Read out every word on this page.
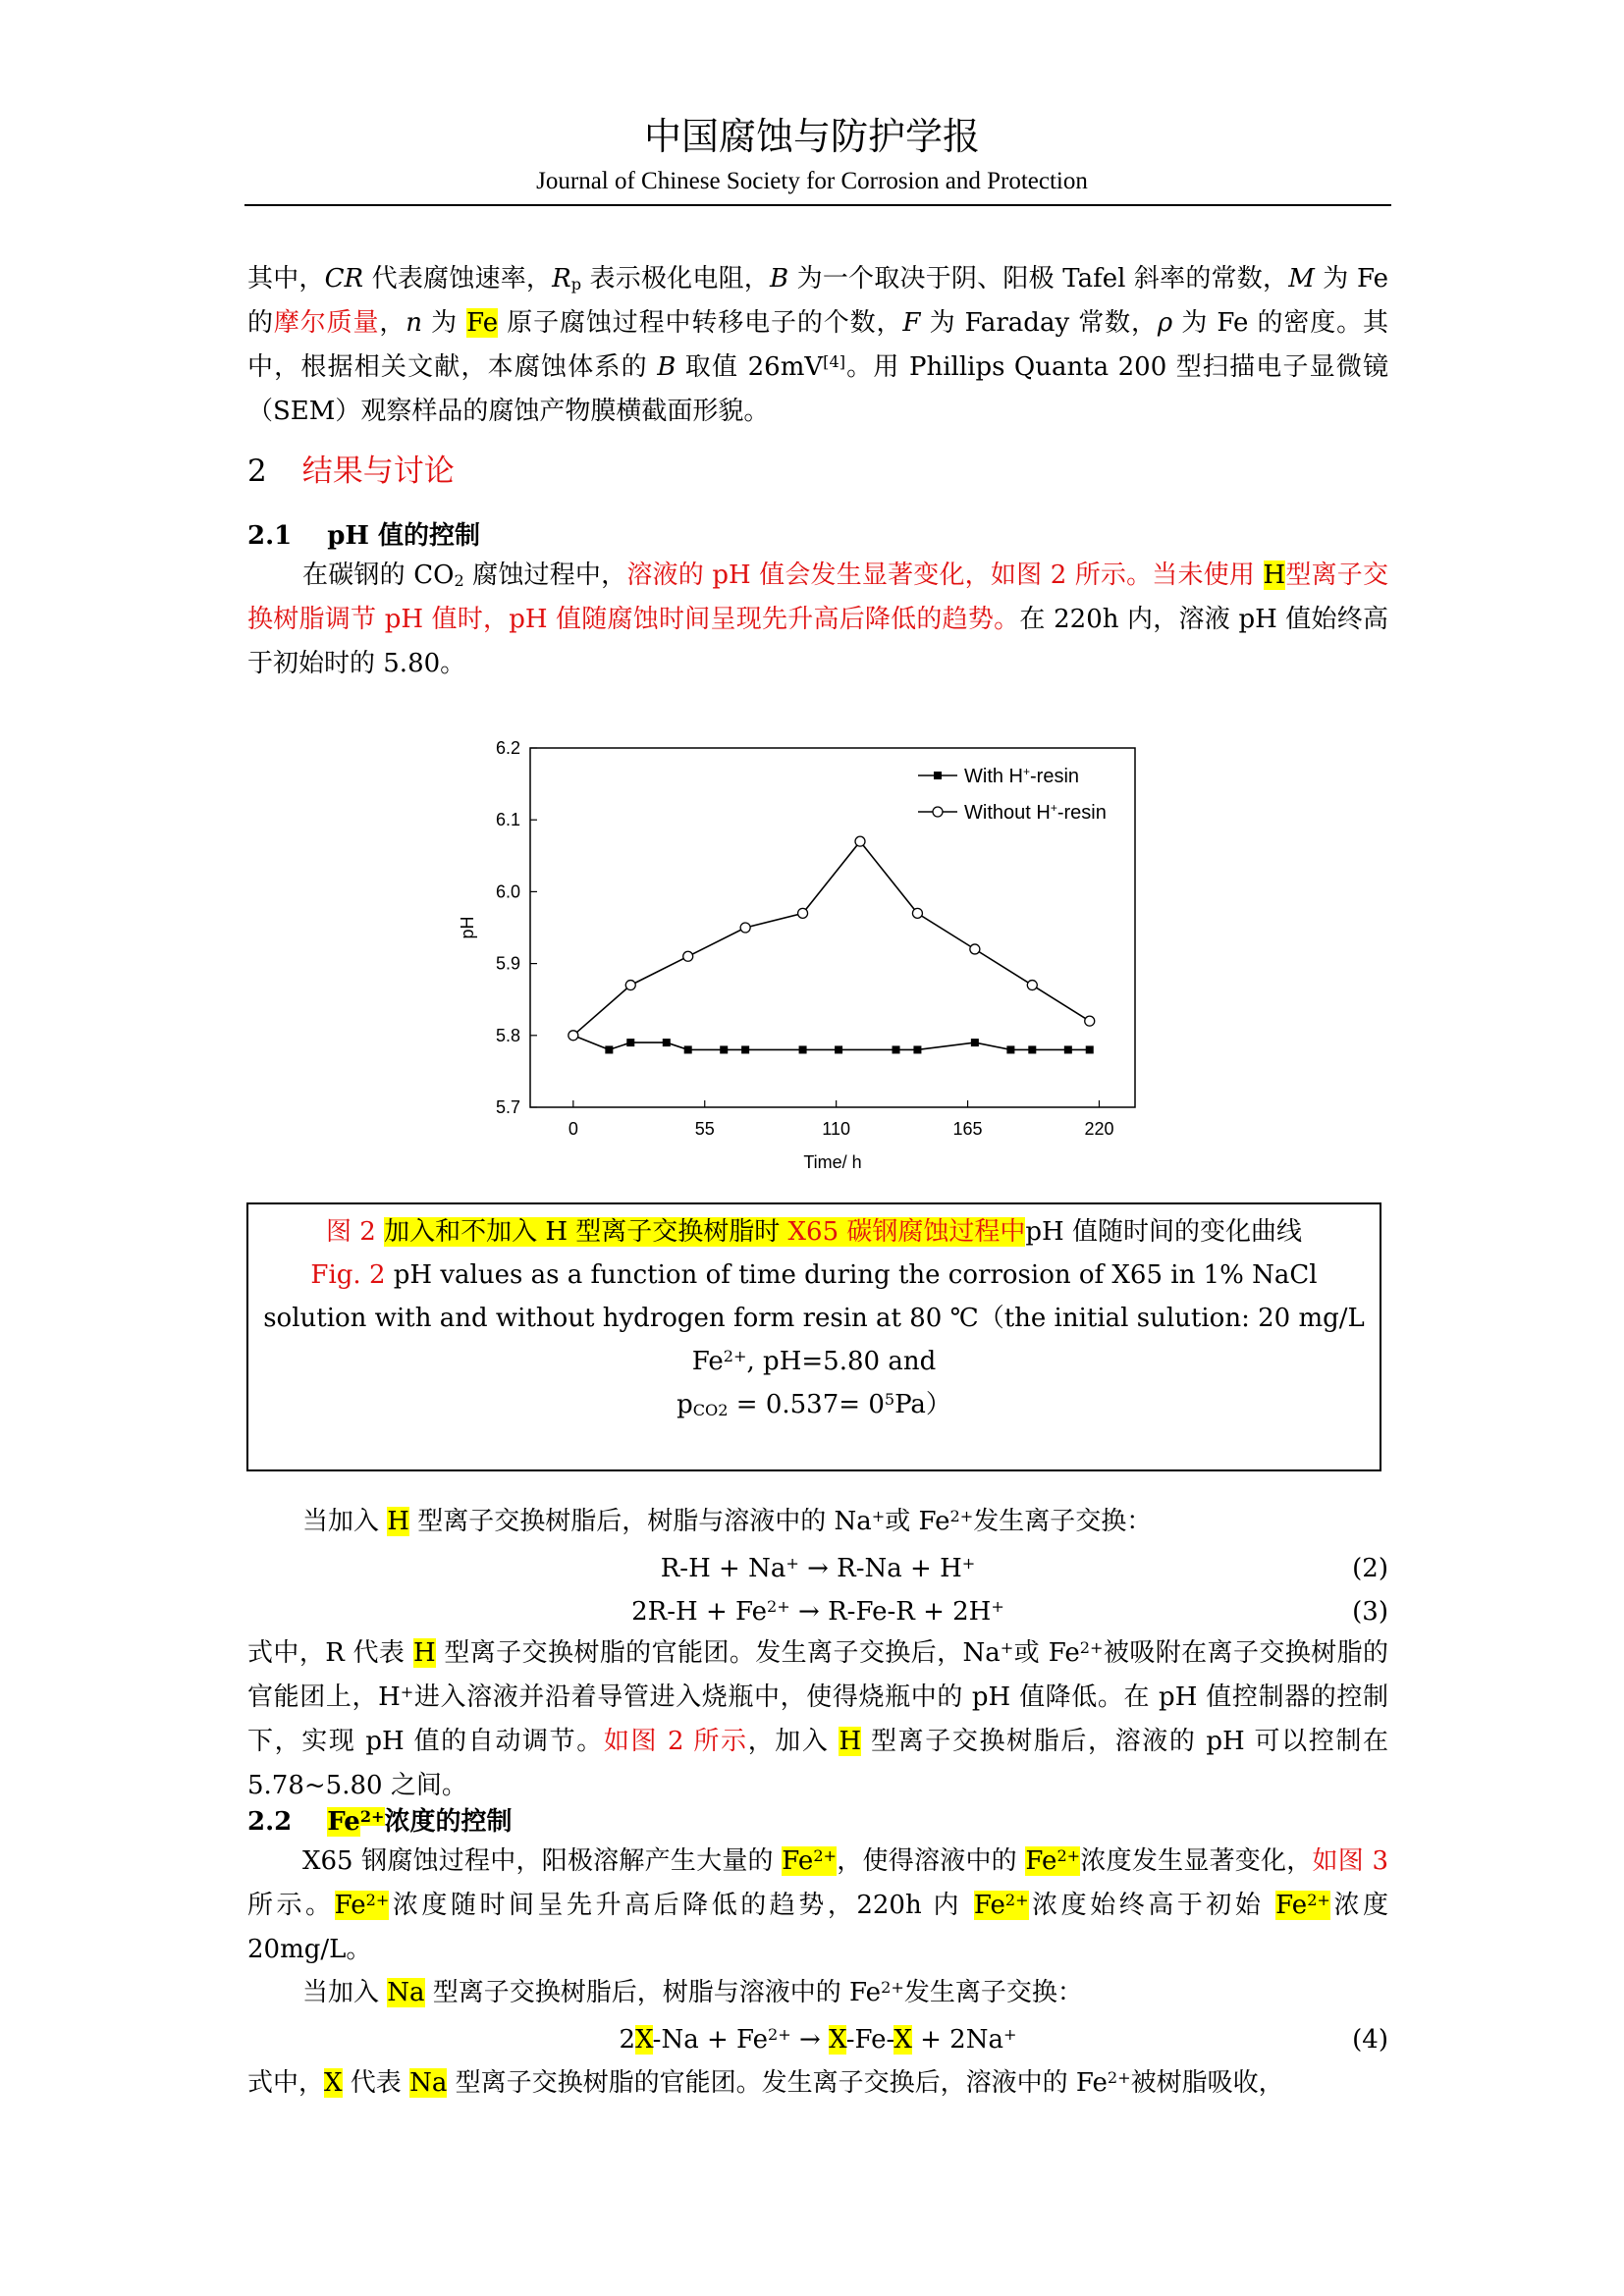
中国腐蚀与防护学报
Journal of Chinese Society for Corrosion and Protection

其中，CR 代表腐蚀速率，$R_p$ 表示极化电阻，B 为一个取决于阴、阳极 Tafel 斜率的常数，M 为 Fe 的摩尔质量，n 为 Fe 原子腐蚀过程中转移电子的个数，F 为 Faraday 常数，ρ 为 Fe 的密度。其中，根据相关文献，本腐蚀体系的 B 取值 26mV[4]。用 Phillips Quanta 200 型扫描电子显微镜（SEM）观察样品的腐蚀产物膜横截面形貌。

2 结果与讨论
2.1 pH 值的控制

在碳钢的 $CO_2$ 腐蚀过程中，溶液的 pH 值会发生显著变化，如图 2 所示。当未使用 H型离子交换树脂调节 pH 值时，pH 值随腐蚀时间呈现先升高后降低的趋势。在 220h 内，溶液 pH 值始终高于初始时的 5.80。

5.7
5.8
5.9
6.0
6.1
6.2
0	55	110	165	220
pH
Time/ h
With H+-resin
Without H+-resin

图 2 加入和不加入 H 型离子交换树脂时 X65 碳钢腐蚀过程中pH 值随时间的变化曲线

Fig. 2 pH values as a function of time during the corrosion of X65 in 1% NaCl solution with and without hydrogen form resin at 80 ℃（the initial sulution: 20 mg/L $Fe^{2+}$, pH=5.80 and
$p_{CO2} = 0.537= 0^5Pa$）

当加入 H 型离子交换树脂后，树脂与溶液中的 Na+或 $Fe^{2+}$发生离子交换：

R-H + Na+ → R-Na + H+	(2)
$2R-H + Fe^{2+} \to R-Fe-R + 2H^+$	(3)

式中，R 代表 H 型离子交换树脂的官能团。发生离子交换后，Na+或 $Fe^{2+}$被吸附在离子交换树脂的官能团上，H+进入溶液并沿着导管进入烧瓶中，使得烧瓶中的 pH 值降低。在 pH 值控制器的控制下，实现 pH 值的自动调节。如图 2 所示，加入 H 型离子交换树脂后，溶液的 pH 可以控制在 5.78~5.80 之间。

2.2 $Fe^{2+}$浓度的控制

X65 钢腐蚀过程中，阳极溶解产生大量的 $Fe^{2+}$，使得溶液中的 $Fe^{2+}$浓度发生显著变化，如图 3 所示。$Fe^{2+}$浓度随时间呈先升高后降低的趋势，220h 内 $Fe^{2+}$浓度始终高于初始 $Fe^{2+}$浓度 20mg/L。

当加入 Na 型离子交换树脂后，树脂与溶液中的 $Fe^{2+}$发生离子交换：

$2X-Na + Fe^{2+} \to X-Fe-X + 2Na^+$	(4)

式中，X 代表 Na 型离子交换树脂的官能团。发生离子交换后，溶液中的 $Fe^{2+}$被树脂吸收，
